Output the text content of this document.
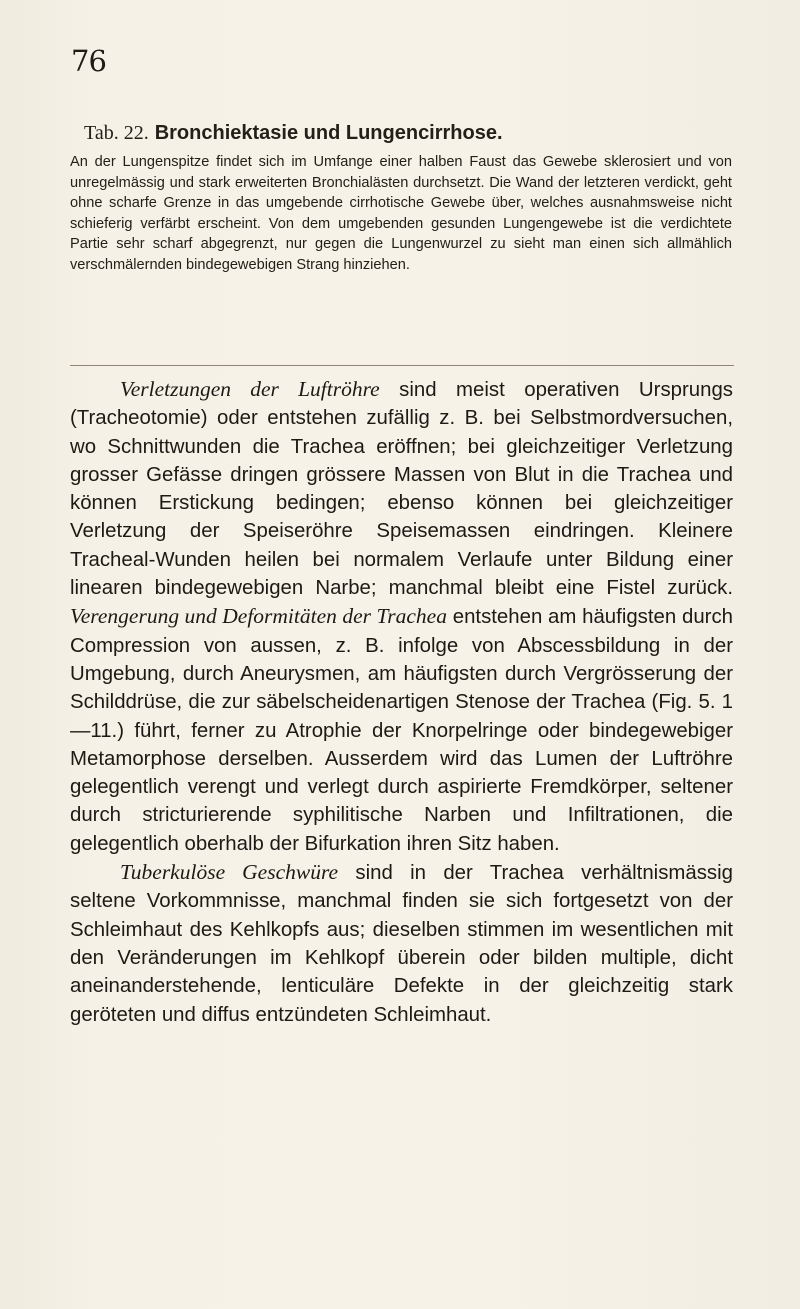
76
Tab. 22. Bronchiektasie und Lungencirrhose.

An der Lungenspitze findet sich im Umfange einer halben Faust das Gewebe sklerosiert und von unregelmässig und stark erweiterten Bronchialästen durchsetzt. Die Wand der letzteren verdickt, geht ohne scharfe Grenze in das umgebende cirrhotische Gewebe über, welches ausnahmsweise nicht schieferig verfärbt erscheint. Von dem umgebenden gesunden Lungengewebe ist die verdichtete Partie sehr scharf abgegrenzt, nur gegen die Lungenwurzel zu sieht man einen sich allmählich verschmälernden bindegewebigen Strang hinziehen.

Verletzungen der Luftröhre sind meist operativen Ursprungs (Tracheotomie) oder entstehen zufällig z. B. bei Selbstmordversuchen, wo Schnittwunden die Trachea eröffnen; bei gleichzeitiger Verletzung grosser Gefässe dringen grössere Massen von Blut in die Trachea und können Erstickung bedingen; ebenso können bei gleichzeitiger Verletzung der Speiseröhre Speisemassen eindringen. Kleinere Tracheal-Wunden heilen bei normalem Verlaufe unter Bildung einer linearen bindegewebigen Narbe; manchmal bleibt eine Fistel zurück. Verengerung und Deformitäten der Trachea entstehen am häufigsten durch Compression von aussen, z. B. infolge von Abscessbildung in der Umgebung, durch Aneurysmen, am häufigsten durch Vergrösserung der Schilddrüse, die zur säbelscheidenartigen Stenose der Trachea (Fig. 5. 1—11.) führt, ferner zu Atrophie der Knorpelringe oder bindegewebiger Metamorphose derselben. Ausserdem wird das Lumen der Luftröhre gelegentlich verengt und verlegt durch aspirierte Fremdkörper, seltener durch stricturierende syphilitische Narben und Infiltrationen, die gelegentlich oberhalb der Bifurkation ihren Sitz haben.

Tuberkulöse Geschwüre sind in der Trachea verhältnismässig seltene Vorkommnisse, manchmal finden sie sich fortgesetzt von der Schleimhaut des Kehlkopfs aus; dieselben stimmen im wesentlichen mit den Veränderungen im Kehlkopf überein oder bilden multiple, dicht aneinanderstehende, lenticuläre Defekte in der gleichzeitig stark geröteten und diffus entzündeten Schleimhaut.
